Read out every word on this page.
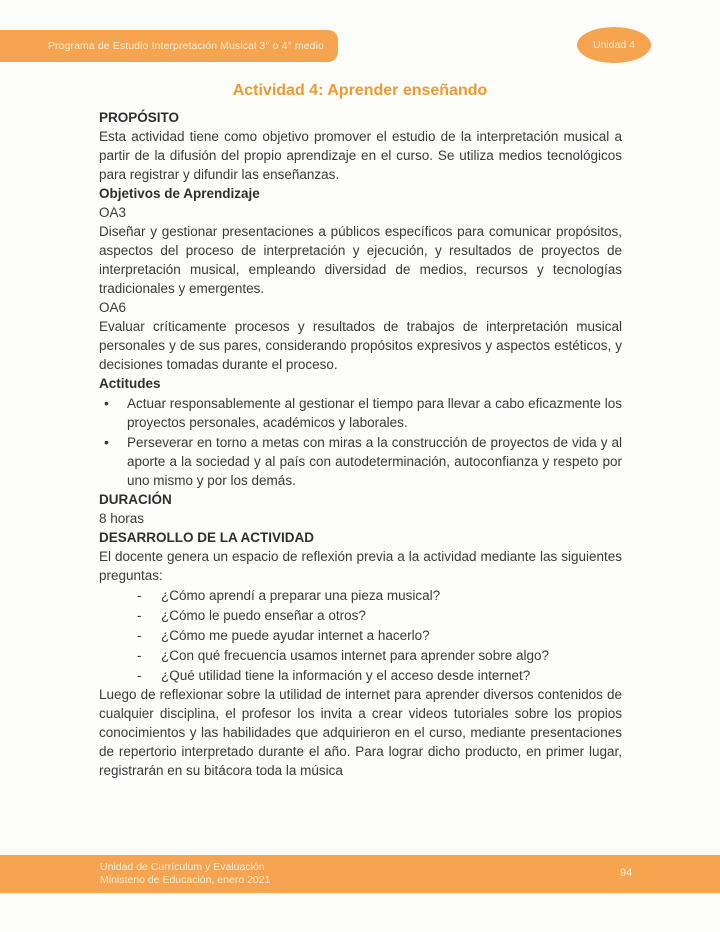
Programa de Estudio Interpretación Musical 3° o 4° medio	Unidad 4
Actividad 4: Aprender enseñando
PROPÓSITO

Esta actividad tiene como objetivo promover el estudio de la interpretación musical a partir de la difusión del propio aprendizaje en el curso. Se utiliza medios tecnológicos para registrar y difundir las enseñanzas.

Objetivos de Aprendizaje

OA3

Diseñar y gestionar presentaciones a públicos específicos para comunicar propósitos, aspectos del proceso de interpretación y ejecución, y resultados de proyectos de interpretación musical, empleando diversidad de medios, recursos y tecnologías tradicionales y emergentes.

OA6

Evaluar críticamente procesos y resultados de trabajos de interpretación musical personales y de sus pares, considerando propósitos expresivos y aspectos estéticos, y decisiones tomadas durante el proceso.

Actitudes
• Actuar responsablemente al gestionar el tiempo para llevar a cabo eficazmente los proyectos personales, académicos y laborales.
• Perseverar en torno a metas con miras a la construcción de proyectos de vida y al aporte a la sociedad y al país con autodeterminación, autoconfianza y respeto por uno mismo y por los demás.
DURACIÓN

8 horas

DESARROLLO DE LA ACTIVIDAD

El docente genera un espacio de reflexión previa a la actividad mediante las siguientes preguntas:

- ¿Cómo aprendí a preparar una pieza musical?
- ¿Cómo le puedo enseñar a otros?
- ¿Cómo me puede ayudar internet a hacerlo?
- ¿Con qué frecuencia usamos internet para aprender sobre algo?
- ¿Qué utilidad tiene la información y el acceso desde internet?

Luego de reflexionar sobre la utilidad de internet para aprender diversos contenidos de cualquier disciplina, el profesor los invita a crear videos tutoriales sobre los propios conocimientos y las habilidades que adquirieron en el curso, mediante presentaciones de repertorio interpretado durante el año. Para lograr dicho producto, en primer lugar, registrarán en su bitácora toda la música

Unidad de Currículum y Evaluación
Ministerio de Educación, enero 2021
94
